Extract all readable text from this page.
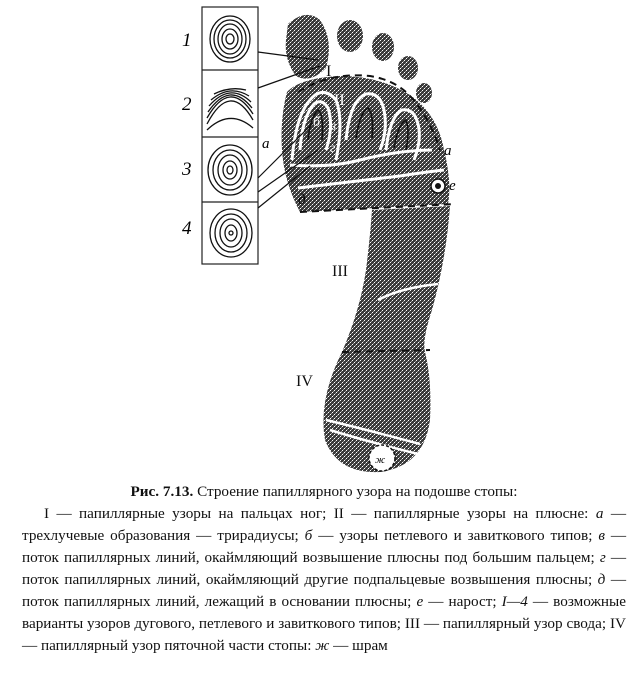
1
2
3
4
I
II
III
IV
а	а
б в
г
д
е
ж
Рис. 7.13. Строение папиллярного узора на подошве стопы:
I — папиллярные узоры на пальцах ног; II — папиллярные узоры на плюсне: а — трехлучевые образования — трирадиусы; б — узоры петлевого и завиткового типов; в — поток папиллярных линий, окаймляющий возвышение плюсны под большим пальцем; г — поток папиллярных линий, окаймляющий другие подпальцевые возвышения плюсны; д — поток папиллярных линий, лежащий в основании плюсны; е — нарост; I—4 — возможные варианты узоров дугового, петлевого и завиткового типов; III — папиллярный узор свода; IV — папиллярный узор пяточной части стопы: ж — шрам
